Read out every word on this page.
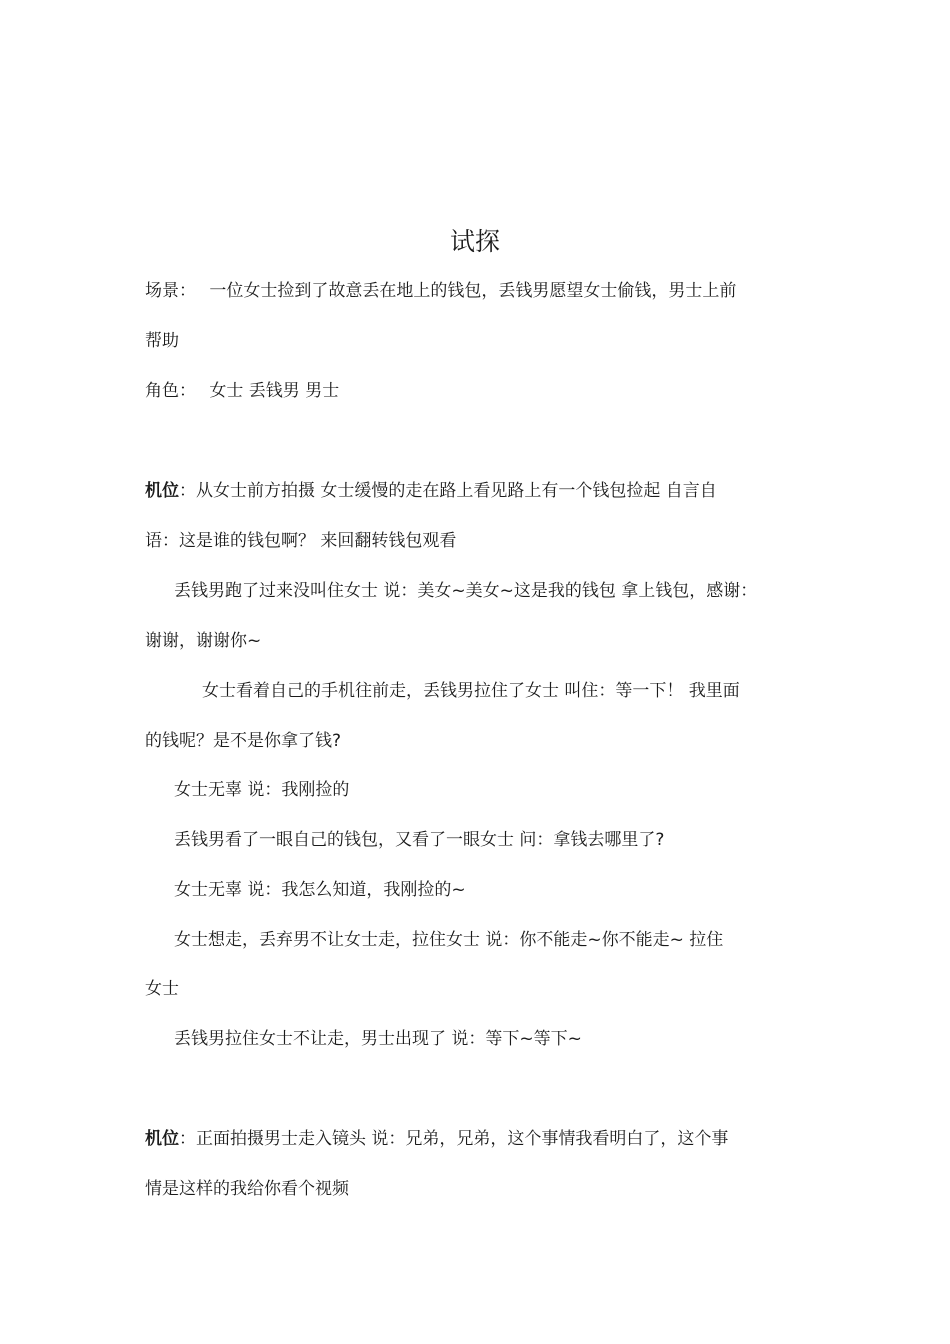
试探
场景： 一位女士捡到了故意丢在地上的钱包，丢钱男愿望女士偷钱，男士上前
帮助
角色： 女士 丢钱男 男士
机位：从女士前方拍摄 女士缓慢的走在路上看见路上有一个钱包捡起 自言自
语：这是谁的钱包啊？ 来回翻转钱包观看
丢钱男跑了过来没叫住女士 说：美女~美女~这是我的钱包 拿上钱包，感谢：
谢谢，谢谢你~
女士看着自己的手机往前走，丢钱男拉住了女士 叫住：等一下！ 我里面
的钱呢？是不是你拿了钱?
女士无辜 说：我刚捡的
丢钱男看了一眼自己的钱包，又看了一眼女士 问：拿钱去哪里了?
女士无辜 说：我怎么知道，我刚捡的~
女士想走，丢弃男不让女士走，拉住女士 说：你不能走~你不能走~ 拉住
女士
丢钱男拉住女士不让走，男士出现了 说：等下~等下~
机位：正面拍摄男士走入镜头 说：兄弟，兄弟，这个事情我看明白了，这个事
情是这样的我给你看个视频
